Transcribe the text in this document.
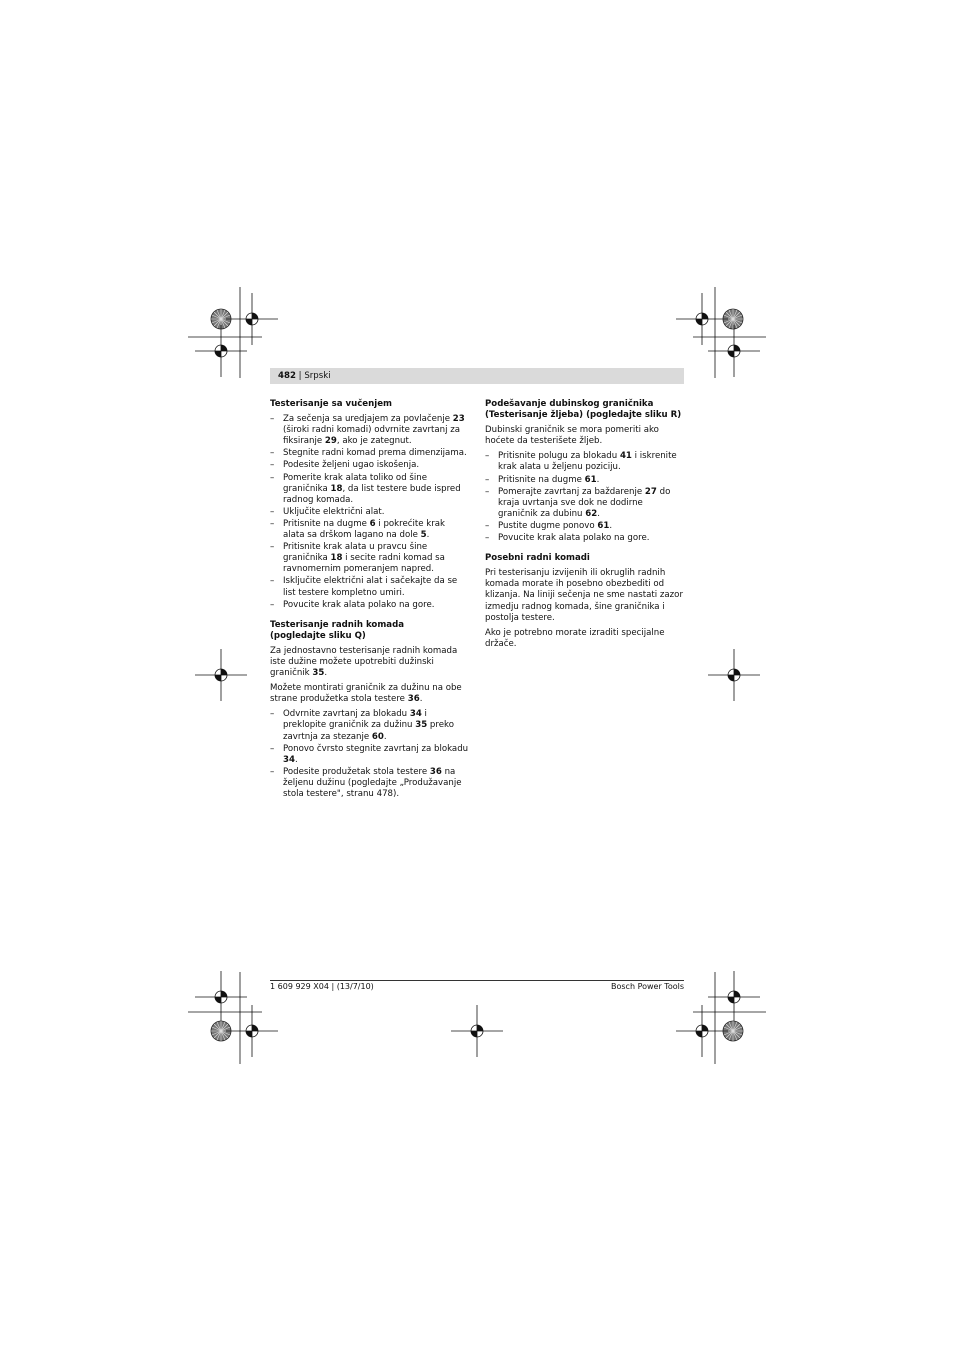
482 | Srpski
Testerisanje sa vučenjem
– Za sečenja sa uredjajem za povlačenje 23 (široki radni komadi) odvrnite zavrtanj za fiksiranje 29, ako je zategnut.
– Stegnite radni komad prema dimenzijama.
– Podesite željeni ugao iskošenja.
– Pomerite krak alata toliko od šine graničnika 18, da list testere bude ispred radnog komada.
– Uključite električni alat.
– Pritisnite na dugme 6 i pokrećite krak alata sa drškom lagano na dole 5.
– Pritisnite krak alata u pravcu šine graničnika 18 i secite radni komad sa ravnomernim pomeranjem napred.
– Isključite električni alat i sačekajte da se list testere kompletno umiri.
– Povucite krak alata polako na gore.
Testerisanje radnih komada
(pogledajte sliku Q)

Za jednostavno testerisanje radnih komada iste dužine možete upotrebiti dužinski graničnik 35.

Možete montirati graničnik za dužinu na obe strane produžetka stola testere 36.

– Odvrnite zavrtanj za blokadu 34 i preklopite graničnik za dužinu 35 preko zavrtnja za stezanje 60.
– Ponovo čvrsto stegnite zavrtanj za blokadu 34.
– Podesite produžetak stola testere 36 na željenu dužinu (pogledajte „Produžavanje stola testere", stranu 478).
Podešavanje dubinskog graničnika
(Testerisanje žljeba) (pogledajte sliku R)

Dubinski graničnik se mora pomeriti ako hoćete da testerišete žljeb.

– Pritisnite polugu za blokadu 41 i iskrenite krak alata u željenu poziciju.
– Pritisnite na dugme 61.
– Pomerajte zavrtanj za baždarenje 27 do kraja uvrtanja sve dok ne dodirne graničnik za dubinu 62.
– Pustite dugme ponovo 61.
– Povucite krak alata polako na gore.
Posebni radni komadi

Pri testerisanju izvijenih ili okruglih radnih komada morate ih posebno obezbediti od klizanja. Na liniji sečenja ne sme nastati zazor izmedju radnog komada, šine graničnika i postolja testere.

Ako je potrebno morate izraditi specijalne držače.

1 609 929 X04 | (13/7/10)	Bosch Power Tools
